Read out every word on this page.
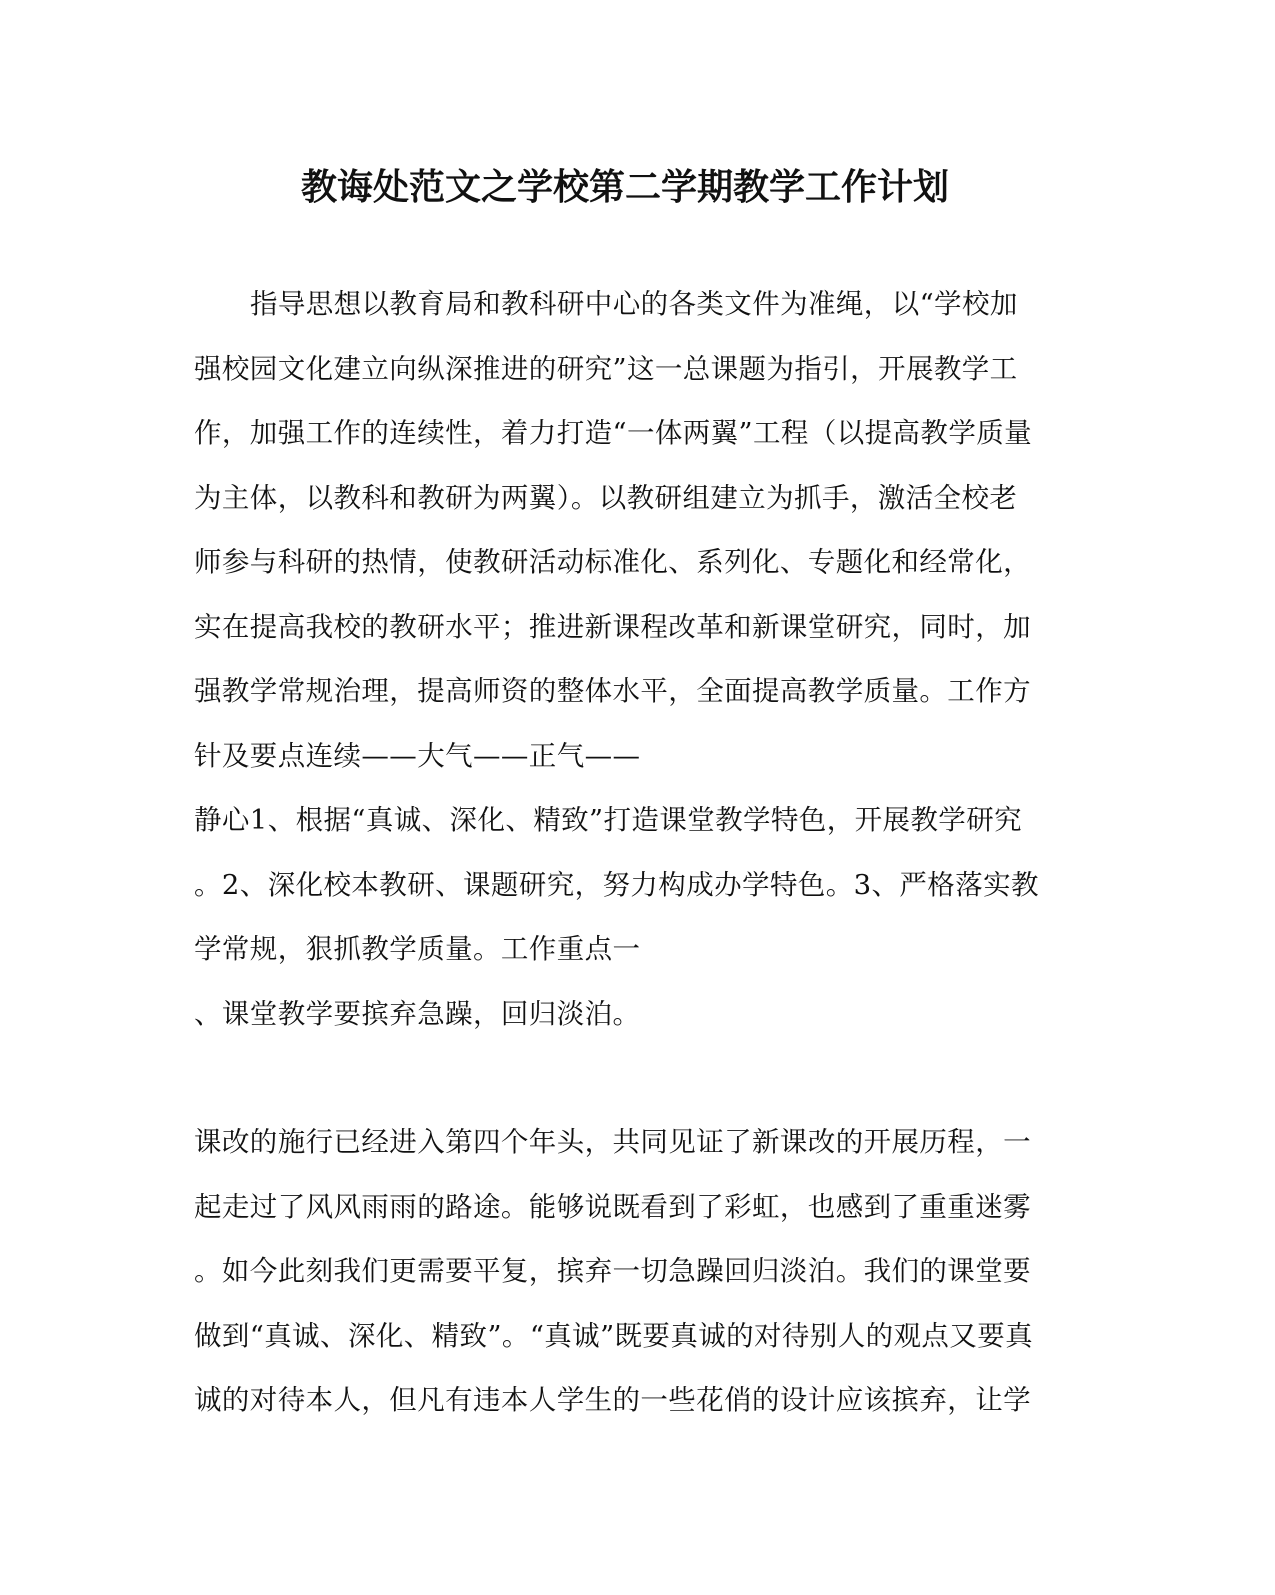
教诲处范文之学校第二学期教学工作计划
指导思想以教育局和教科研中心的各类文件为准绳，以“学校加
强校园文化建立向纵深推进的研究”这一总课题为指引，开展教学工
作，加强工作的连续性，着力打造“一体两翼”工程（以提高教学质量
为主体，以教科和教研为两翼）。以教研组建立为抓手，激活全校老
师参与科研的热情，使教研活动标准化、系列化、专题化和经常化，
实在提高我校的教研水平；推进新课程改革和新课堂研究，同时，加
强教学常规治理，提高师资的整体水平，全面提高教学质量。工作方
针及要点连续——大气——正气——
静心1、根据“真诚、深化、精致”打造课堂教学特色，开展教学研究
。2、深化校本教研、课题研究，努力构成办学特色。3、严格落实教
学常规，狠抓教学质量。工作重点一
、课堂教学要摈弃急躁，回归淡泊。
课改的施行已经进入第四个年头，共同见证了新课改的开展历程，一
起走过了风风雨雨的路途。能够说既看到了彩虹，也感到了重重迷雾
。如今此刻我们更需要平复，摈弃一切急躁回归淡泊。我们的课堂要
做到“真诚、深化、精致”。“真诚”既要真诚的对待别人的观点又要真
诚的对待本人，但凡有违本人学生的一些花俏的设计应该摈弃，让学
